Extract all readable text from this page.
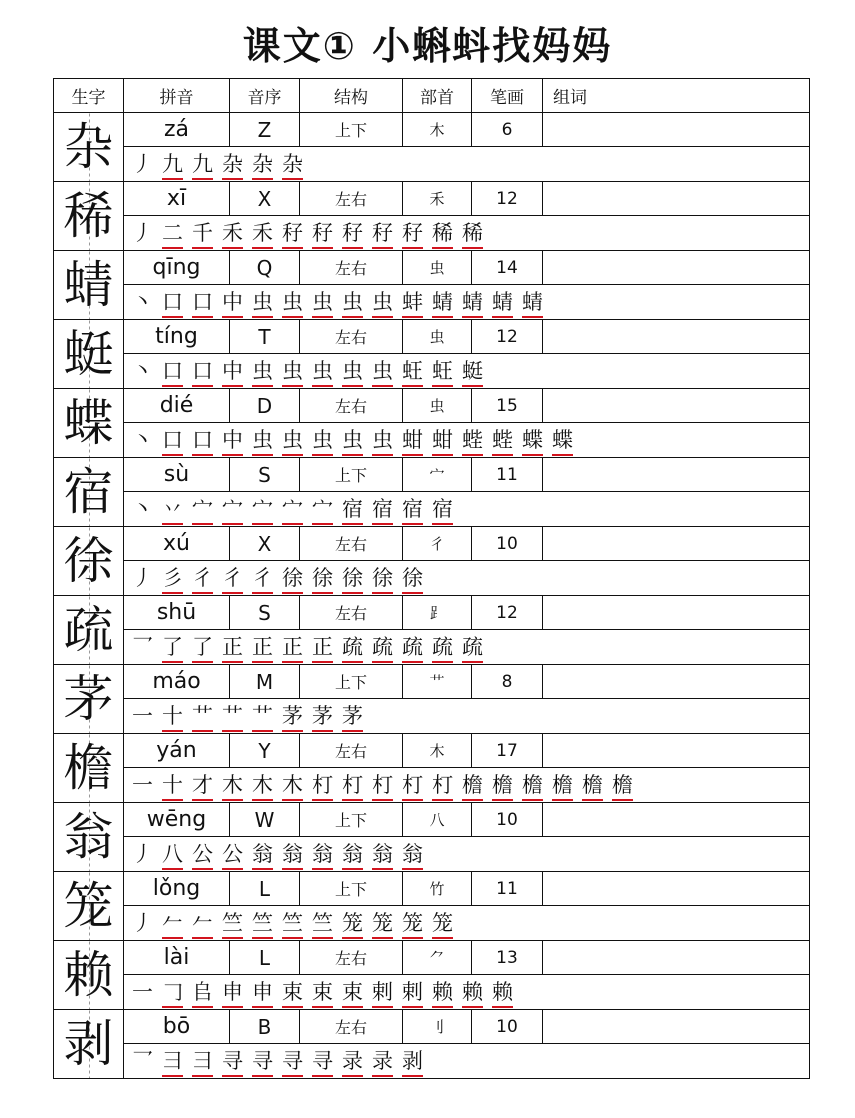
课文① 小蝌蚪找妈妈
生字	拼音	音序	结构	部首	笔画	组词
杂	zá	Z	上下	木	6	
	丿 九 九 杂 杂 杂					
稀	xī	X	左右	禾	12	
	丿 二 千 禾 禾 秄 秄 秄 秄 秄 稀 稀					
蜻	qīng	Q	左右	虫	14	
	丶 口 口 中 虫 虫 虫 虫 虫 蚌 蜻 蜻 蜻 蜻					
蜓	tíng	T	左右	虫	12	
	丶 口 口 中 虫 虫 虫 虫 虫 蚟 蚟 蜓					
蝶	dié	D	左右	虫	15	
	丶 口 口 中 虫 虫 虫 虫 虫 蚶 蚶 蜌 蜌 蝶 蝶					
宿	sù	S	上下	宀	11	
	丶 丷 宀 宀 宀 宀 宀 宿 宿 宿 宿					
徐	xú	X	左右	彳	10	
	丿 彡 彳 彳 彳 徐 徐 徐 徐 徐					
疏	shū	S	左右	⻊	12	
	乛 了 了 正 正 正 正 疏 疏 疏 疏 疏					
茅	máo	M	上下	艹	8	
	一 十 艹 艹 艹 茅 茅 茅					
檐	yán	Y	左右	木	17	
	一 十 才 木 木 木 朾 朾 朾 朾 朾 檐 檐 檐 檐 檐 檐					
翁	wēng	W	上下	八	10	
	丿 八 公 公 翁 翁 翁 翁 翁 翁					
笼	lǒng	L	上下	竹	11	
	丿 𠂉 𠂉 竺 竺 竺 竺 笼 笼 笼 笼					
赖	lài	L	左右	⺈	13	
	一 𠃌 𠂤 申 申 束 束 束 剌 剌 赖 赖 赖					
剥	bō	B	左右	刂	10	
	乛 彐 彐 寻 寻 寻 寻 录 录 剥					
